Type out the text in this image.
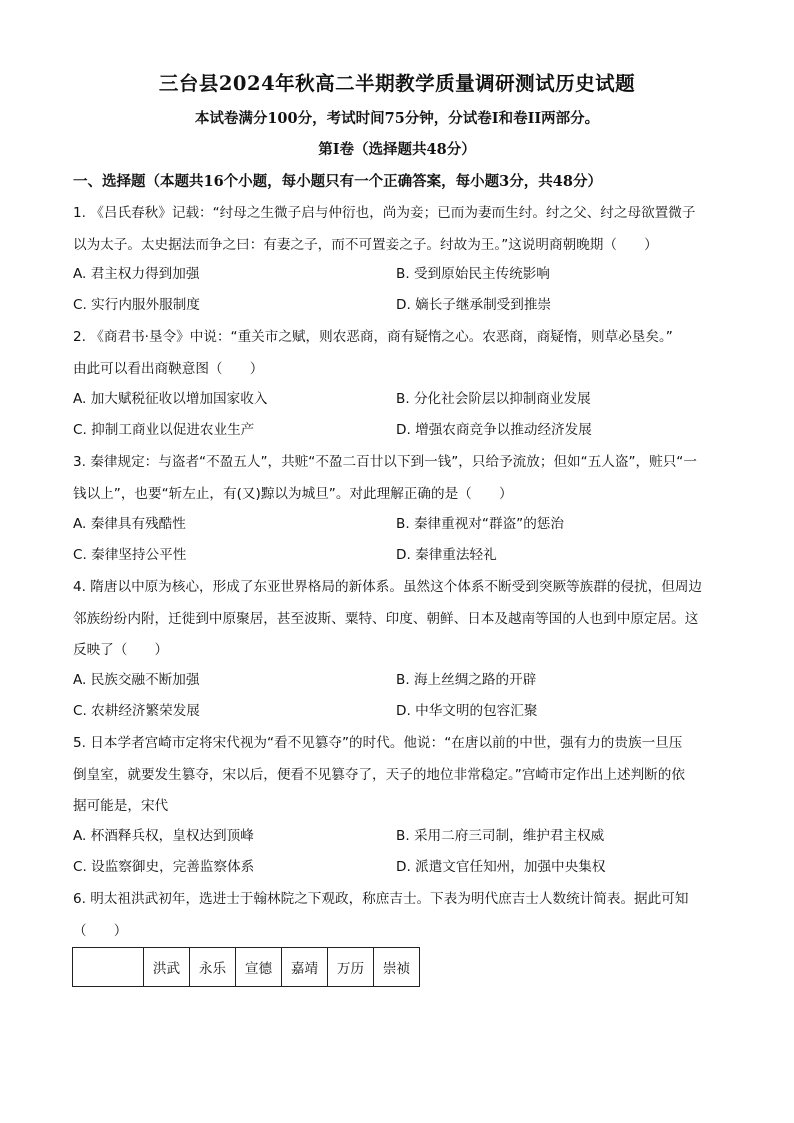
三台县2024年秋高二半期教学质量调研测试历史试题
本试卷满分100分，考试时间75分钟，分试卷I和卷II两部分。
第I卷（选择题共48分）
一、选择题（本题共16个小题，每小题只有一个正确答案，每小题3分，共48分）
1. 《吕氏春秋》记载：“纣母之生微子启与仲衍也，尚为妾；已而为妻而生纣。纣之父、纣之母欲置微子
以为太子。太史据法而争之曰：有妻之子，而不可置妾之子。纣故为王。”这说明商朝晚期（　　）
A. 君主权力得到加强	B. 受到原始民主传统影响
C. 实行内服外服制度	D. 嫡长子继承制受到推崇
2. 《商君书·垦令》中说：“重关市之赋，则农恶商，商有疑惰之心。农恶商，商疑惰，则草必垦矣。”
由此可以看出商鞅意图（　　）
A. 加大赋税征收以增加国家收入	B. 分化社会阶层以抑制商业发展
C. 抑制工商业以促进农业生产	D. 增强农商竞争以推动经济发展
3. 秦律规定：与盗者“不盈五人”，共赃“不盈二百廿以下到一钱”，只给予流放；但如“五人盗”，赃只“一
钱以上”，也要“斩左止，有(又)黥以为城旦”。对此理解正确的是（　　）
A. 秦律具有残酷性	B. 秦律重视对“群盗”的惩治
C. 秦律坚持公平性	D. 秦律重法轻礼
4. 隋唐以中原为核心，形成了东亚世界格局的新体系。虽然这个体系不断受到突厥等族群的侵扰，但周边
邻族纷纷内附，迁徙到中原聚居，甚至波斯、粟特、印度、朝鲜、日本及越南等国的人也到中原定居。这
反映了（　　）
A. 民族交融不断加强	B. 海上丝绸之路的开辟
C. 农耕经济繁荣发展	D. 中华文明的包容汇聚
5. 日本学者宫崎市定将宋代视为“看不见篡夺”的时代。他说：“在唐以前的中世，强有力的贵族一旦压
倒皇室，就要发生篡夺，宋以后，便看不见篡夺了，天子的地位非常稳定。”宫崎市定作出上述判断的依
据可能是，宋代
A. 杯酒释兵权，皇权达到顶峰	B. 采用二府三司制，维护君主权威
C. 设监察御史，完善监察体系	D. 派遣文官任知州，加强中央集权
6. 明太祖洪武初年，选进士于翰林院之下观政，称庶吉士。下表为明代庶吉士人数统计简表。据此可知
（　　）
	洪武	永乐	宣德	嘉靖	万历	崇祯
